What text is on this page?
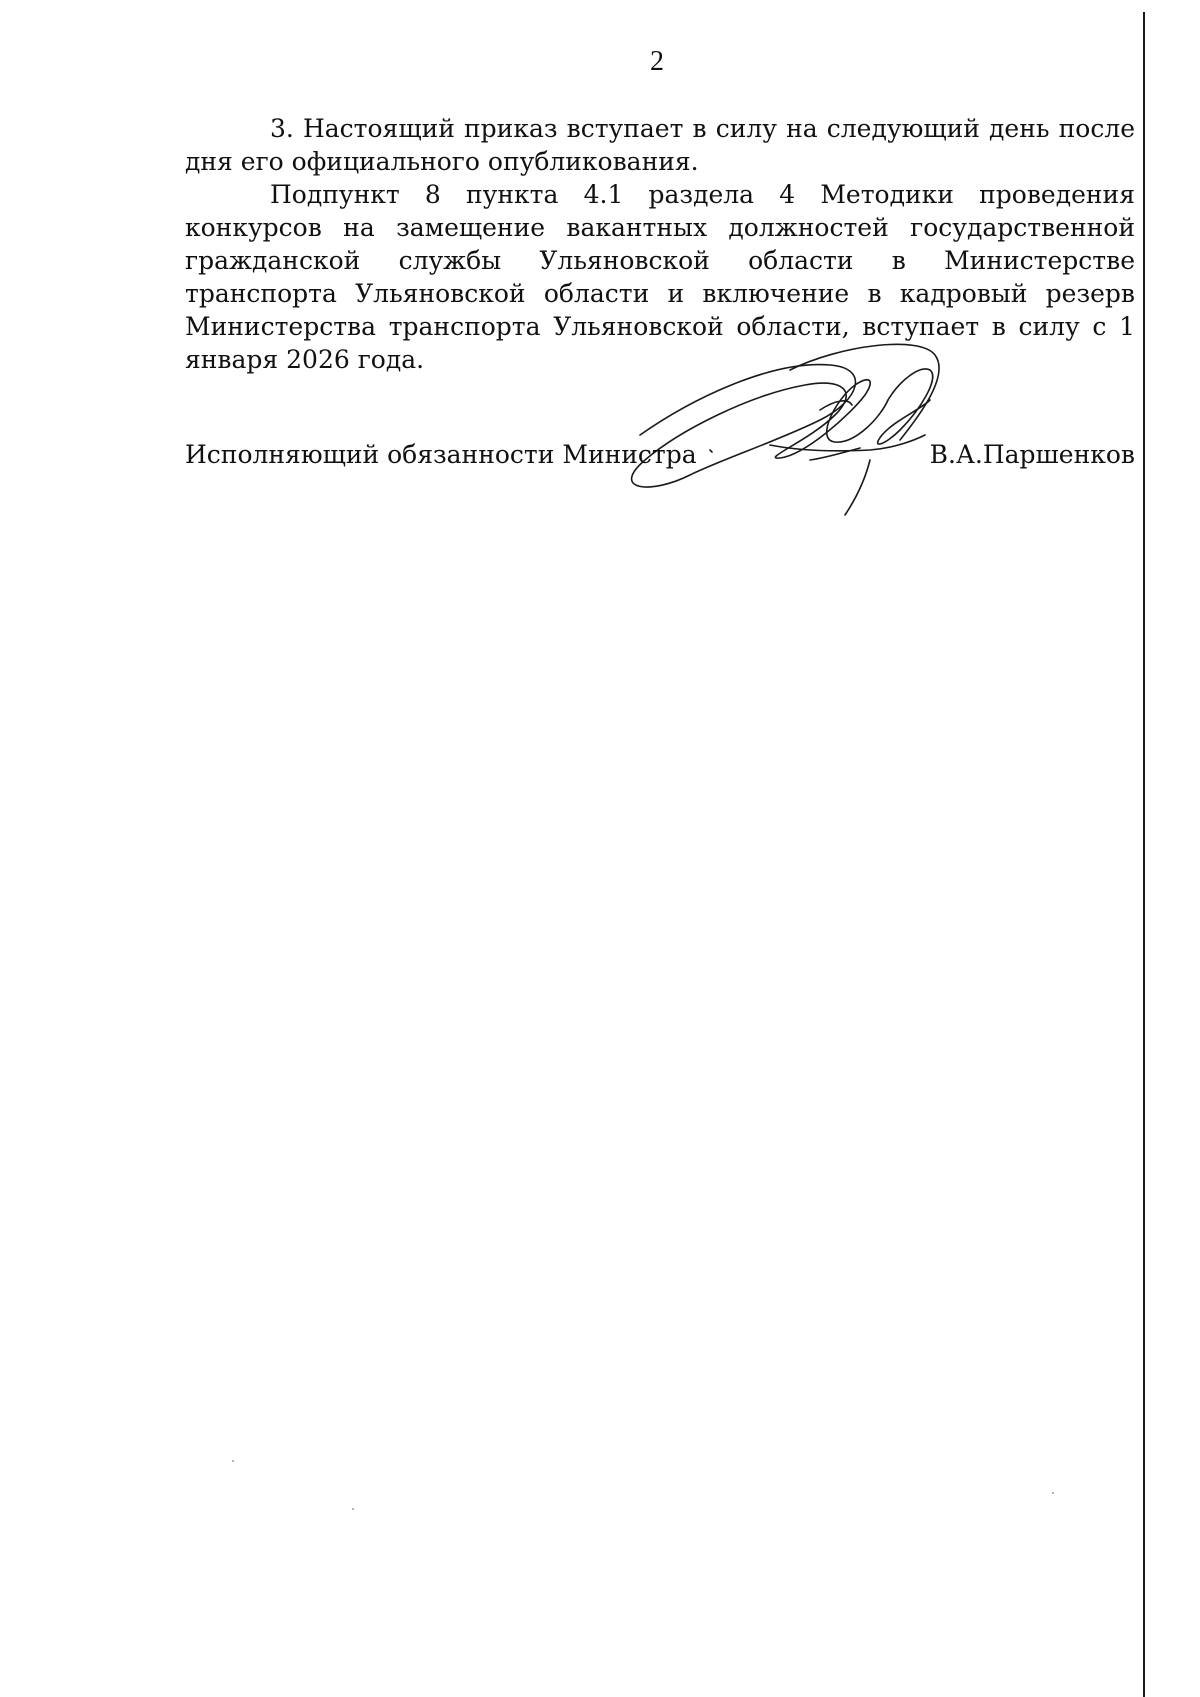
2

3. Настоящий приказ вступает в силу на следующий день после дня его официального опубликования.

Подпункт 8 пункта 4.1 раздела 4 Методики проведения конкурсов на замещение вакантных должностей государственной гражданской службы Ульяновской области в Министерстве транспорта Ульяновской области и включение в кадровый резерв Министерства транспорта Ульяновской области, вступает в силу с 1 января 2026 года.

Исполняющий обязанности Министра	В.А.Паршенков
